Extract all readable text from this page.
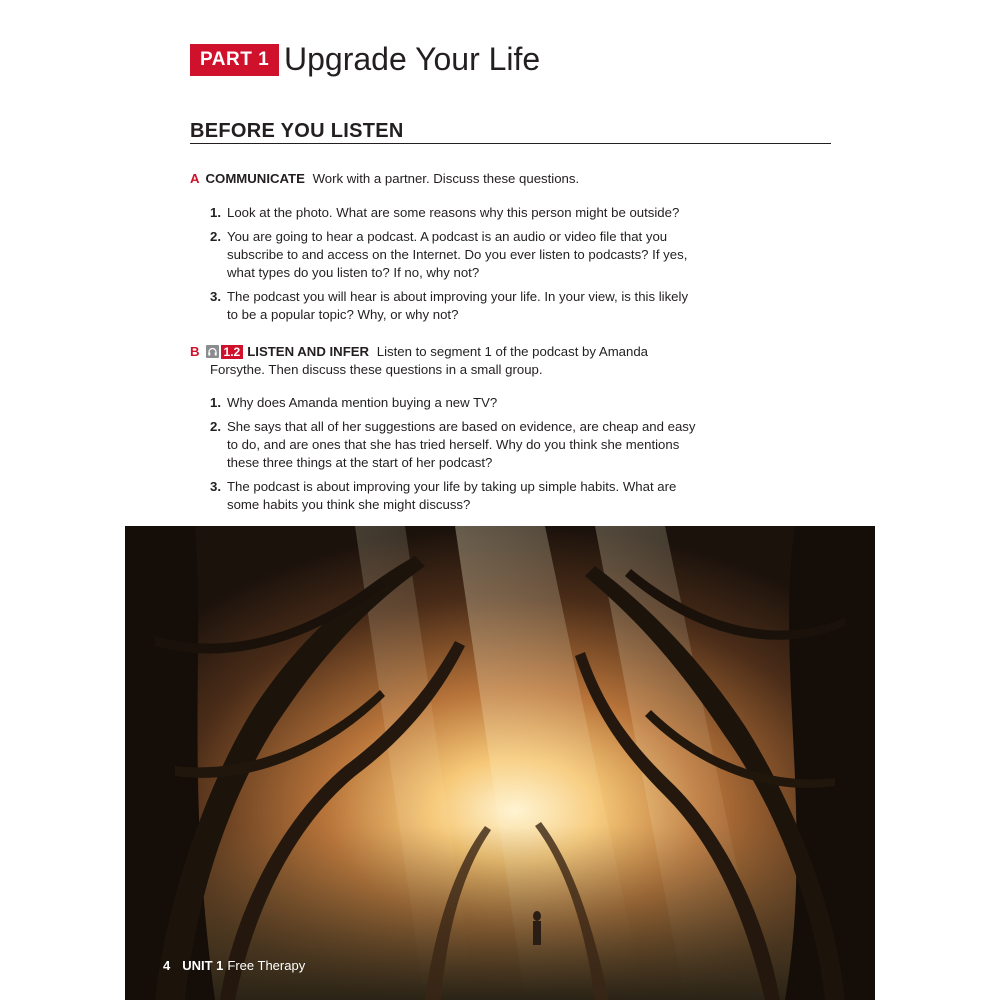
PART 1 Upgrade Your Life
BEFORE YOU LISTEN
A COMMUNICATE Work with a partner. Discuss these questions.
1. Look at the photo. What are some reasons why this person might be outside?
2. You are going to hear a podcast. A podcast is an audio or video file that you subscribe to and access on the Internet. Do you ever listen to podcasts? If yes, what types do you listen to? If no, why not?
3. The podcast you will hear is about improving your life. In your view, is this likely to be a popular topic? Why, or why not?
B 1.2 LISTEN AND INFER Listen to segment 1 of the podcast by Amanda
Forsythe. Then discuss these questions in a small group.
1. Why does Amanda mention buying a new TV?
2. She says that all of her suggestions are based on evidence, are cheap and easy to do, and are ones that she has tried herself. Why do you think she mentions these three things at the start of her podcast?
3. The podcast is about improving your life by taking up simple habits. What are some habits you think she might discuss?
4 UNIT 1 Free Therapy
